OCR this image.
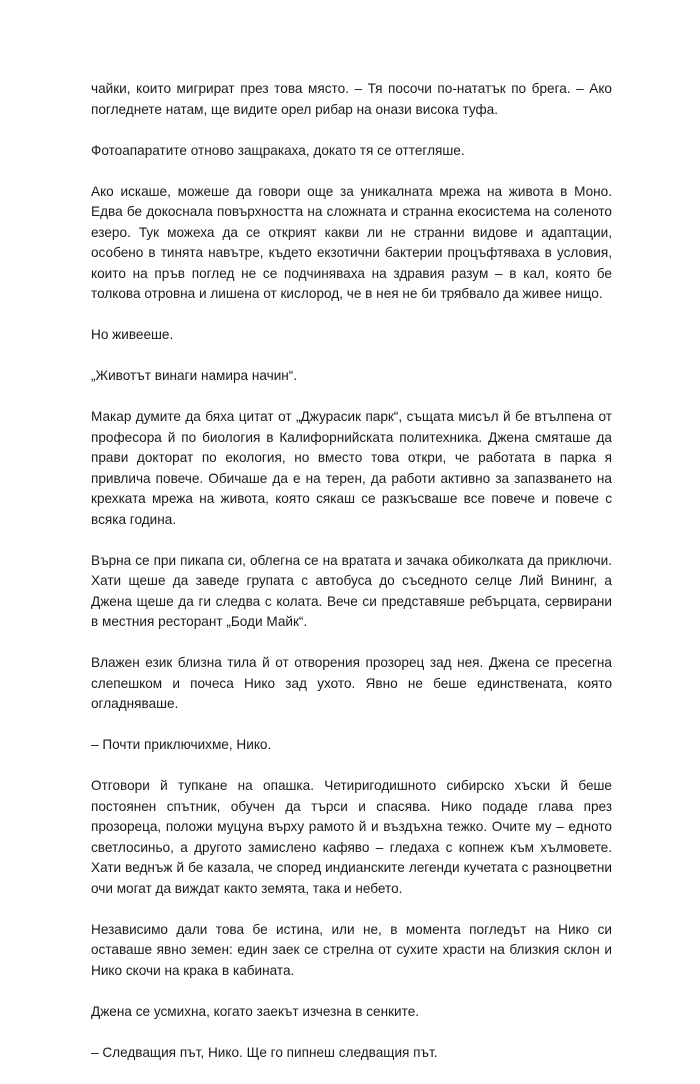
чайки, които мигрират през това място. – Тя посочи по-нататък по брега. – Ако погледнете натам, ще видите орел рибар на онази висока туфа.

Фотоапаратите отново защракаха, докато тя се оттегляше.

Ако искаше, можеше да говори още за уникалната мрежа на живота в Моно. Едва бе докоснала повърхността на сложната и странна екосистема на соленото езеро. Тук можеха да се открият какви ли не странни видове и адаптации, особено в тинята навътре, където екзотични бактерии процъфтяваха в условия, които на пръв поглед не се подчиняваха на здравия разум – в кал, която бе толкова отровна и лишена от кислород, че в нея не би трябвало да живее нищо.

Но живееше.

„Животът винаги намира начин“.

Макар думите да бяха цитат от „Джурасик парк“, същата мисъл й бе втълпена от професора й по биология в Калифорнийската политехника. Джена смяташе да прави докторат по екология, но вместо това откри, че работата в парка я привлича повече. Обичаше да е на терен, да работи активно за запазването на крехката мрежа на живота, която сякаш се разкъсваше все повече и повече с всяка година.

Върна се при пикапа си, облегна се на вратата и зачака обиколката да приключи. Хати щеше да заведе групата с автобуса до съседното селце Лий Вининг, а Джена щеше да ги следва с колата. Вече си представяше ребърцата, сервирани в местния ресторант „Боди Майк“.

Влажен език близна тила й от отворения прозорец зад нея. Джена се пресегна слепешком и почеса Нико зад ухото. Явно не беше единствената, която огладняваше.

– Почти приключихме, Нико.

Отговори й тупкане на опашка. Четиригодишното сибирско хъски й беше постоянен спътник, обучен да търси и спасява. Нико подаде глава през прозореца, положи муцуна върху рамото й и въздъхна тежко. Очите му – едното светлосиньо, а другото замислено кафяво – гледаха с копнеж към хълмовете. Хати веднъж й бе казала, че според индианските легенди кучетата с разноцветни очи могат да виждат както земята, така и небето.

Независимо дали това бе истина, или не, в момента погледът на Нико си оставаше явно земен: един заек се стрелна от сухите храсти на близкия склон и Нико скочи на крака в кабината.

Джена се усмихна, когато заекът изчезна в сенките.

– Следващия път, Нико. Ще го пипнеш следващия път.
